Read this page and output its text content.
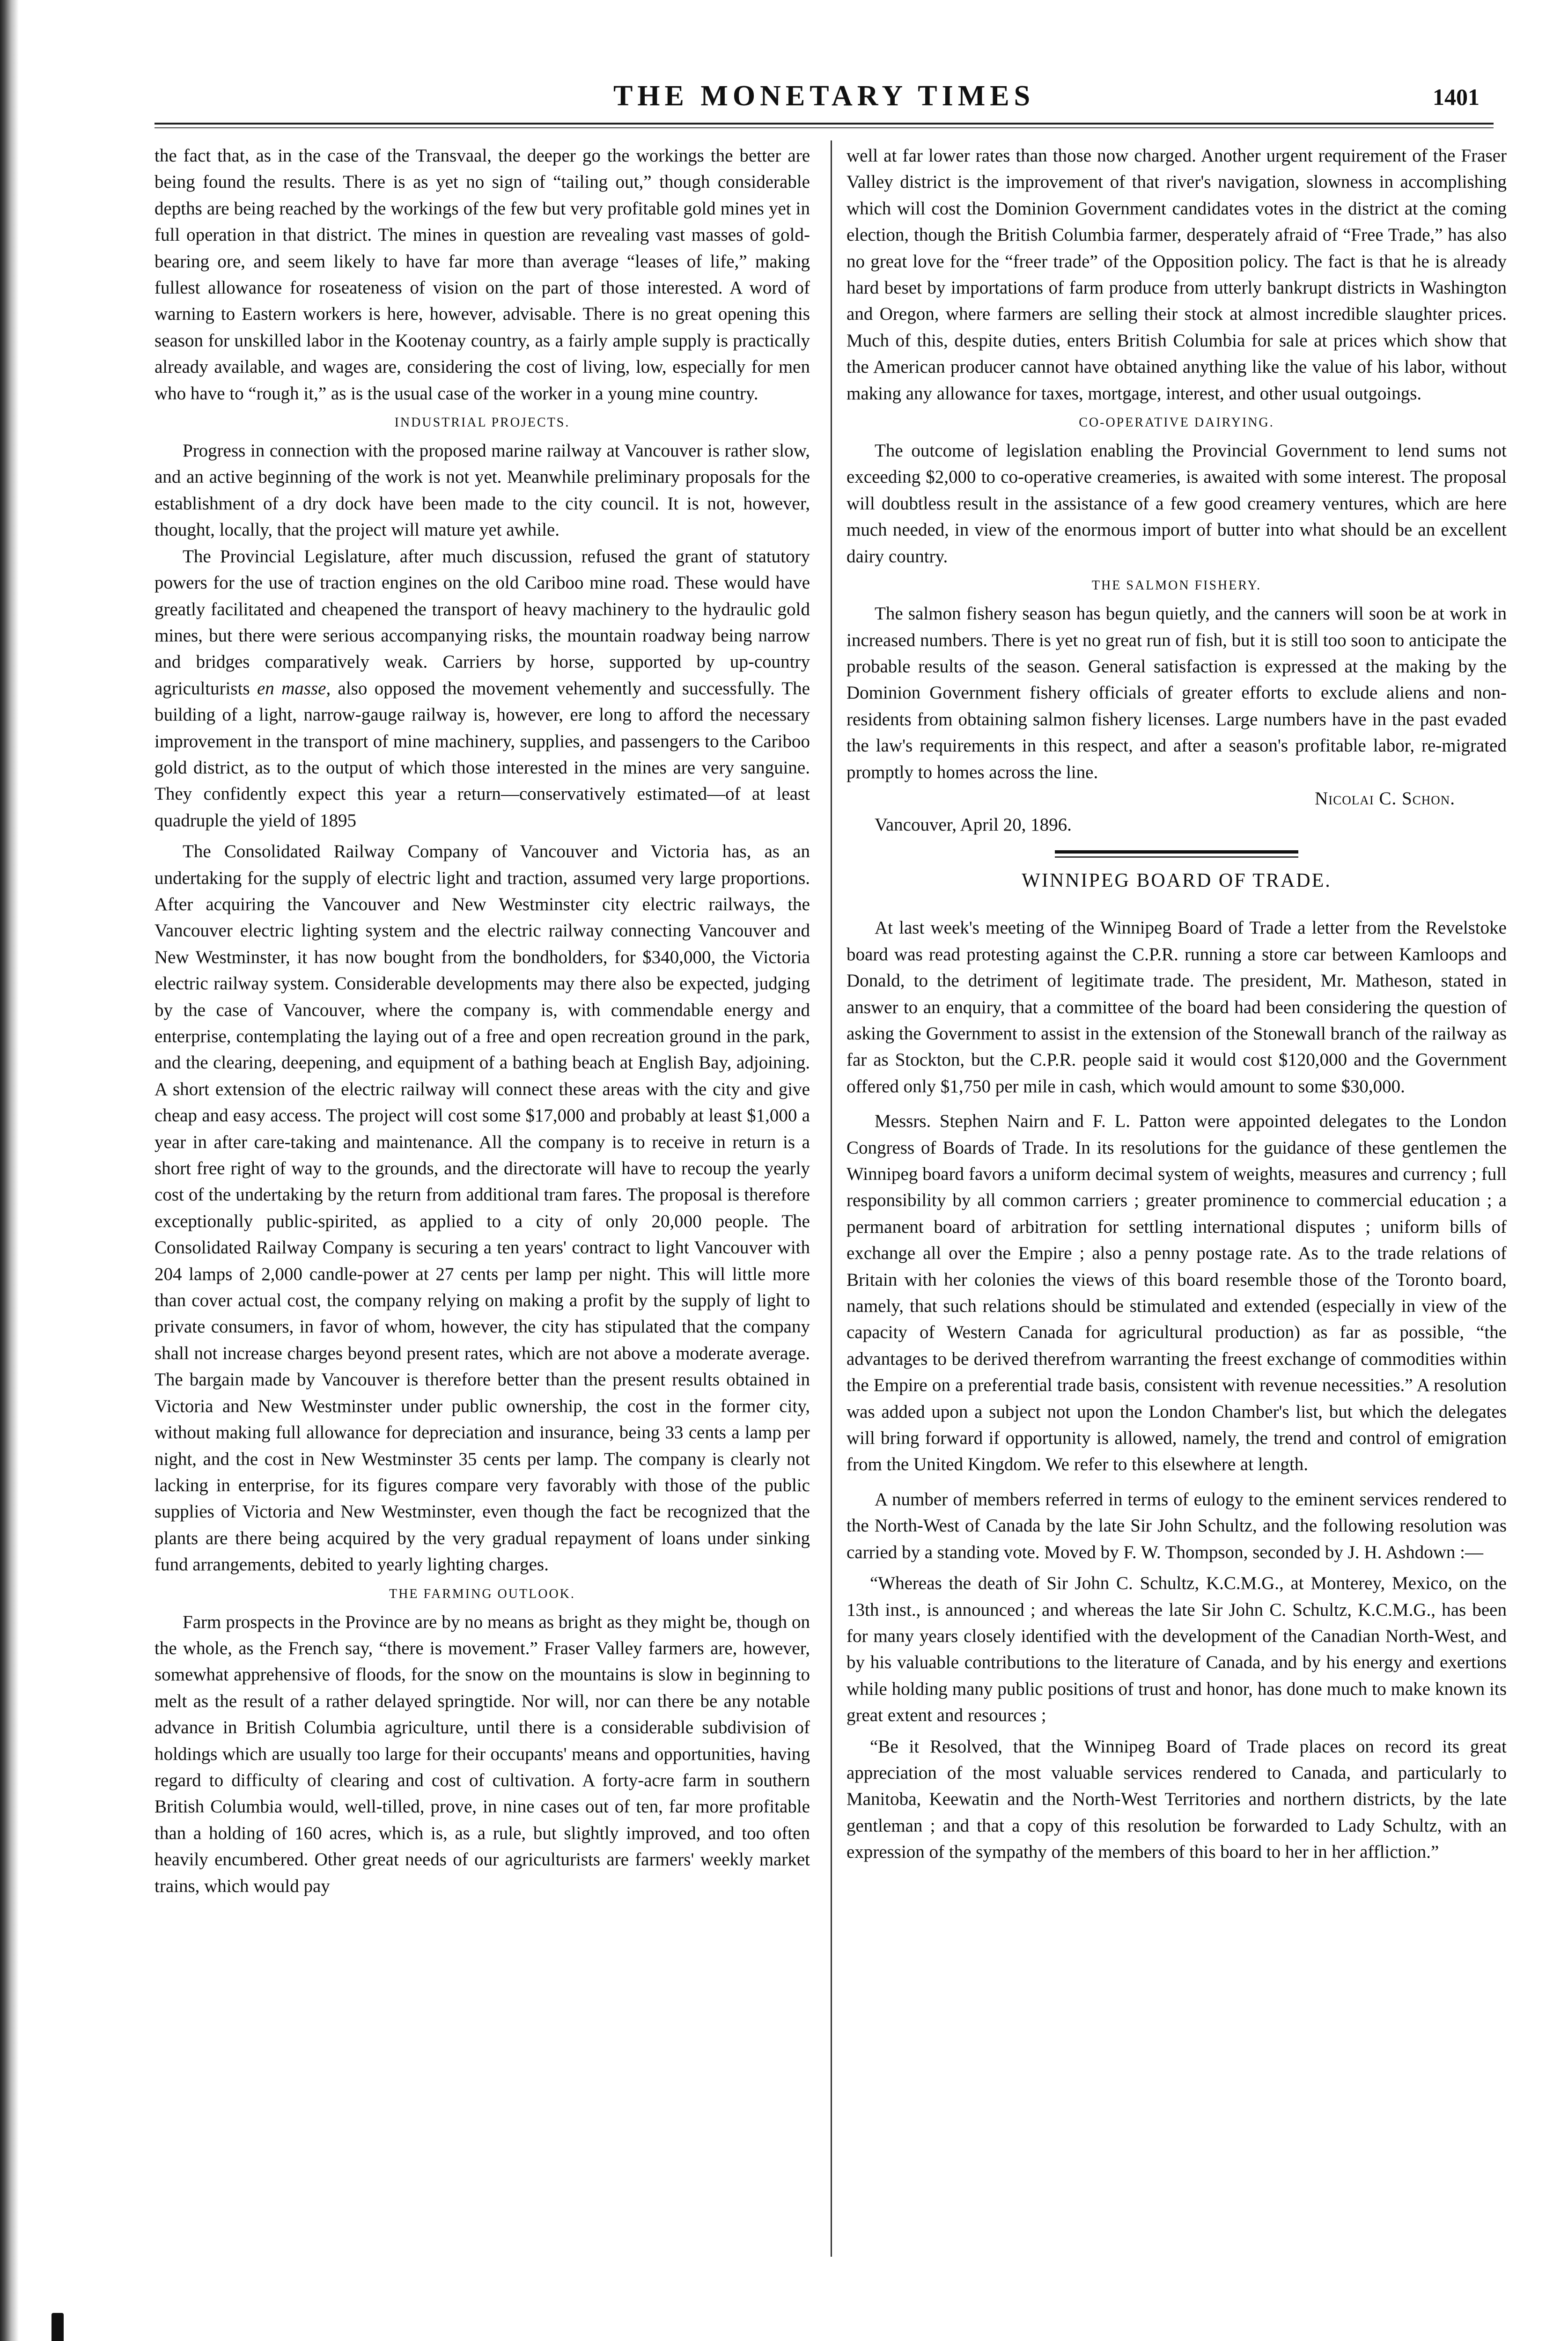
THE MONETARY TIMES	1401

the fact that, as in the case of the Transvaal, the deeper go the workings the better are being found the results. There is as yet no sign of “tailing out,” though considerable depths are being reached by the workings of the few but very profitable gold mines yet in full operation in that district. The mines in question are revealing vast masses of gold-bearing ore, and seem likely to have far more than average “leases of life,” making fullest allowance for roseateness of vision on the part of those interested. A word of warning to Eastern workers is here, however, advisable. There is no great opening this season for unskilled labor in the Kootenay country, as a fairly ample supply is practically already available, and wages are, considering the cost of living, low, especially for men who have to “rough it,” as is the usual case of the worker in a young mine country.

INDUSTRIAL PROJECTS.

Progress in connection with the proposed marine railway at Vancouver is rather slow, and an active beginning of the work is not yet. Meanwhile preliminary proposals for the establishment of a dry dock have been made to the city council. It is not, however, thought, locally, that the project will mature yet awhile.

The Provincial Legislature, after much discussion, refused the grant of statutory powers for the use of traction engines on the old Cariboo mine road. These would have greatly facilitated and cheapened the transport of heavy machinery to the hydraulic gold mines, but there were serious accompanying risks, the mountain roadway being narrow and bridges comparatively weak. Carriers by horse, supported by up-country agriculturists en masse, also opposed the movement vehemently and successfully. The building of a light, narrow-gauge railway is, however, ere long to afford the necessary improvement in the transport of mine machinery, supplies, and passengers to the Cariboo gold district, as to the output of which those interested in the mines are very sanguine. They confidently expect this year a return—conservatively estimated—of at least quadruple the yield of 1895

The Consolidated Railway Company of Vancouver and Victoria has, as an undertaking for the supply of electric light and traction, assumed very large proportions. After acquiring the Vancouver and New Westminster city electric railways, the Vancouver electric lighting system and the electric railway connecting Vancouver and New Westminster, it has now bought from the bondholders, for $340,000, the Victoria electric railway system. Considerable developments may there also be expected, judging by the case of Vancouver, where the company is, with commendable energy and enterprise, contemplating the laying out of a free and open recreation ground in the park, and the clearing, deepening, and equipment of a bathing beach at English Bay, adjoining. A short extension of the electric railway will connect these areas with the city and give cheap and easy access. The project will cost some $17,000 and probably at least $1,000 a year in after care-taking and maintenance. All the company is to receive in return is a short free right of way to the grounds, and the directorate will have to recoup the yearly cost of the undertaking by the return from additional tram fares. The proposal is therefore exceptionally public-spirited, as applied to a city of only 20,000 people. The Consolidated Railway Company is securing a ten years' contract to light Vancouver with 204 lamps of 2,000 candle-power at 27 cents per lamp per night. This will little more than cover actual cost, the company relying on making a profit by the supply of light to private consumers, in favor of whom, however, the city has stipulated that the company shall not increase charges beyond present rates, which are not above a moderate average. The bargain made by Vancouver is therefore better than the present results obtained in Victoria and New Westminster under public ownership, the cost in the former city, without making full allowance for depreciation and insurance, being 33 cents a lamp per night, and the cost in New Westminster 35 cents per lamp. The company is clearly not lacking in enterprise, for its figures compare very favorably with those of the public supplies of Victoria and New Westminster, even though the fact be recognized that the plants are there being acquired by the very gradual repayment of loans under sinking fund arrangements, debited to yearly lighting charges.

THE FARMING OUTLOOK.

Farm prospects in the Province are by no means as bright as they might be, though on the whole, as the French say, “there is movement.” Fraser Valley farmers are, however, somewhat apprehensive of floods, for the snow on the mountains is slow in beginning to melt as the result of a rather delayed springtide. Nor will, nor can there be any notable advance in British Columbia agriculture, until there is a considerable subdivision of holdings which are usually too large for their occupants' means and opportunities, having regard to difficulty of clearing and cost of cultivation. A forty-acre farm in southern British Columbia would, well-tilled, prove, in nine cases out of ten, far more profitable than a holding of 160 acres, which is, as a rule, but slightly improved, and too often heavily encumbered. Other great needs of our agriculturists are farmers' weekly market trains, which would pay

well at far lower rates than those now charged. Another urgent requirement of the Fraser Valley district is the improvement of that river's navigation, slowness in accomplishing which will cost the Dominion Government candidates votes in the district at the coming election, though the British Columbia farmer, desperately afraid of “Free Trade,” has also no great love for the “freer trade” of the Opposition policy. The fact is that he is already hard beset by importations of farm produce from utterly bankrupt districts in Washington and Oregon, where farmers are selling their stock at almost incredible slaughter prices. Much of this, despite duties, enters British Columbia for sale at prices which show that the American producer cannot have obtained anything like the value of his labor, without making any allowance for taxes, mortgage, interest, and other usual outgoings.

CO-OPERATIVE DAIRYING.

The outcome of legislation enabling the Provincial Government to lend sums not exceeding $2,000 to co-operative creameries, is awaited with some interest. The proposal will doubtless result in the assistance of a few good creamery ventures, which are here much needed, in view of the enormous import of butter into what should be an excellent dairy country.

THE SALMON FISHERY.

The salmon fishery season has begun quietly, and the canners will soon be at work in increased numbers. There is yet no great run of fish, but it is still too soon to anticipate the probable results of the season. General satisfaction is expressed at the making by the Dominion Government fishery officials of greater efforts to exclude aliens and non-residents from obtaining salmon fishery licenses. Large numbers have in the past evaded the law's requirements in this respect, and after a season's profitable labor, re-migrated promptly to homes across the line.

Nicolai C. Schon.

Vancouver, April 20, 1896.

WINNIPEG BOARD OF TRADE.

At last week's meeting of the Winnipeg Board of Trade a letter from the Revelstoke board was read protesting against the C.P.R. running a store car between Kamloops and Donald, to the detriment of legitimate trade. The president, Mr. Matheson, stated in answer to an enquiry, that a committee of the board had been considering the question of asking the Government to assist in the extension of the Stonewall branch of the railway as far as Stockton, but the C.P.R. people said it would cost $120,000 and the Government offered only $1,750 per mile in cash, which would amount to some $30,000.

Messrs. Stephen Nairn and F. L. Patton were appointed delegates to the London Congress of Boards of Trade. In its resolutions for the guidance of these gentlemen the Winnipeg board favors a uniform decimal system of weights, measures and currency ; full responsibility by all common carriers ; greater prominence to commercial education ; a permanent board of arbitration for settling international disputes ; uniform bills of exchange all over the Empire ; also a penny postage rate. As to the trade relations of Britain with her colonies the views of this board resemble those of the Toronto board, namely, that such relations should be stimulated and extended (especially in view of the capacity of Western Canada for agricultural production) as far as possible, “the advantages to be derived therefrom warranting the freest exchange of commodities within the Empire on a preferential trade basis, consistent with revenue necessities.” A resolution was added upon a subject not upon the London Chamber's list, but which the delegates will bring forward if opportunity is allowed, namely, the trend and control of emigration from the United Kingdom. We refer to this elsewhere at length.

A number of members referred in terms of eulogy to the eminent services rendered to the North-West of Canada by the late Sir John Schultz, and the following resolution was carried by a standing vote. Moved by F. W. Thompson, seconded by J. H. Ashdown :—

“Whereas the death of Sir John C. Schultz, K.C.M.G., at Monterey, Mexico, on the 13th inst., is announced ; and whereas the late Sir John C. Schultz, K.C.M.G., has been for many years closely identified with the development of the Canadian North-West, and by his valuable contributions to the literature of Canada, and by his energy and exertions while holding many public positions of trust and honor, has done much to make known its great extent and resources ;

“Be it Resolved, that the Winnipeg Board of Trade places on record its great appreciation of the most valuable services rendered to Canada, and particularly to Manitoba, Keewatin and the North-West Territories and northern districts, by the late gentleman ; and that a copy of this resolution be forwarded to Lady Schultz, with an expression of the sympathy of the members of this board to her in her affliction.”
